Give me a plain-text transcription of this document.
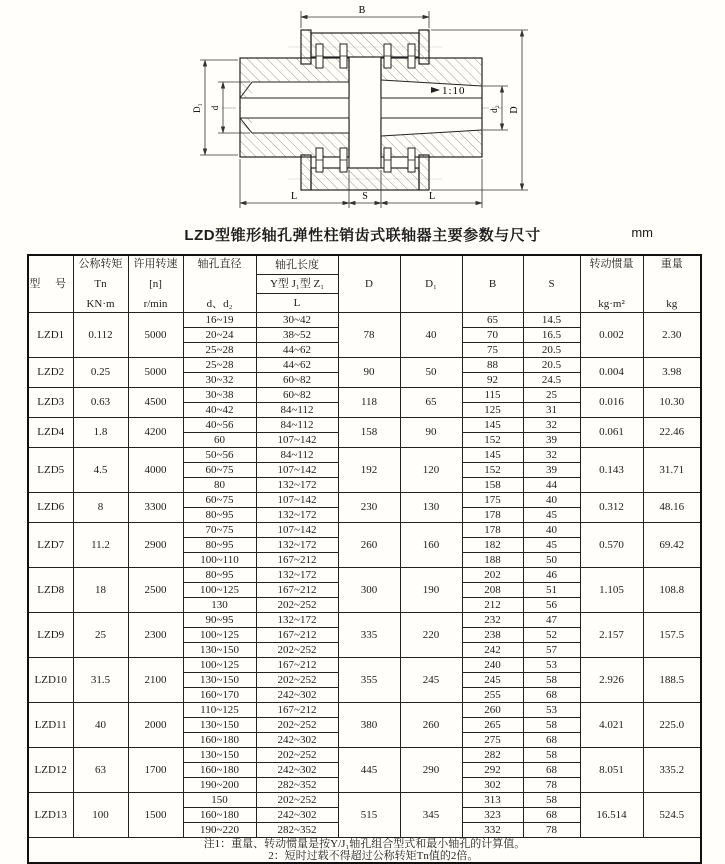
1:10
B
D
d₂
D₁ d
L	S	L
LZD型锥形轴孔弹性柱销齿式联轴器主要参数与尺寸	mm
型 号	
公称转矩
Tn
KN·m

许用转速
[n]
r/min

轴孔直径
d、d₂

轴孔长度
Y型 J₁型 Z₁
L
	D	D₁	B	S	
转动惯量
kg·m²

重量
kg

LZD1	0.112	5000	16~19	30~42	78	40	65	14.5	0.002	2.30
			20~24	38~52			70	16.5		
			25~28	44~62			75	20.5		
LZD2	0.25	5000	25~28	44~62	90	50	88	20.5	0.004	3.98
			30~32	60~82			92	24.5		
LZD3	0.63	4500	30~38	60~82	118	65	115	25	0.016	10.30
			40~42	84~112			125	31		
LZD4	1.8	4200	40~56	84~112	158	90	145	32	0.061	22.46
			60	107~142			152	39		
LZD5	4.5	4000	50~56	84~112	192	120	145	32	0.143	31.71
			60~75	107~142			152	39		
			80	132~172			158	44		
LZD6	8	3300	60~75	107~142	230	130	175	40	0.312	48.16
			80~95	132~172			178	45		
LZD7	11.2	2900	70~75	107~142	260	160	178	40	0.570	69.42
			80~95	132~172			182	45		
			100~110	167~212			188	50		
LZD8	18	2500	80~95	132~172	300	190	202	46	1.105	108.8
			100~125	167~212			208	51		
			130	202~252			212	56		
LZD9	25	2300	90~95	132~172	335	220	232	47	2.157	157.5
			100~125	167~212			238	52		
			130~150	202~252			242	57		
LZD10	31.5	2100	100~125	167~212	355	245	240	53	2.926	188.5
			130~150	202~252			245	58		
			160~170	242~302			255	68		
LZD11	40	2000	110~125	167~212	380	260	260	53	4.021	225.0
			130~150	202~252			265	58		
			160~180	242~302			275	68		
LZD12	63	1700	130~150	202~252	445	290	282	58	8.051	335.2
			160~180	242~302			292	68		
			190~200	282~352			302	78		
LZD13	100	1500	150	202~252	515	345	313	58	16.514	524.5
			160~180	242~302			323	68		
			190~220	282~352			332	78		

注1：重量、转动惯量是按Y/J₁轴孔组合型式和最小轴孔的计算值。
2：短时过载不得超过公称转矩Tn值的2倍。										
